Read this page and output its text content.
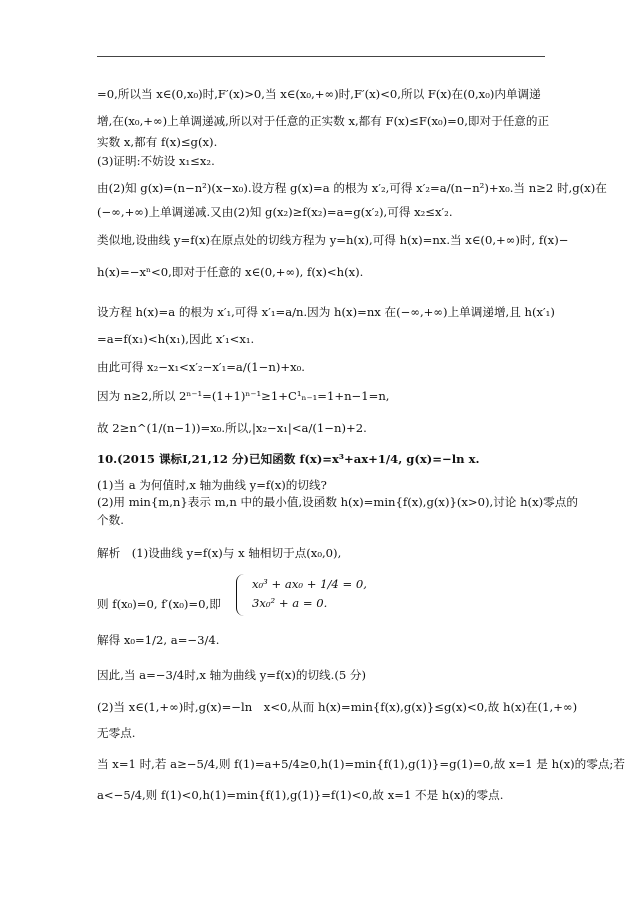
=0,所以当 x∈(0,x₀)时,F′(x)>0,当 x∈(x₀,+∞)时,F′(x)<0,所以 F(x)在(0,x₀)内单调递
增,在(x₀,+∞)上单调递减,所以对于任意的正实数 x,都有 F(x)≤F(x₀)=0,即对于任意的正
实数 x,都有 f(x)≤g(x).
(3)证明:不妨设 x₁≤x₂.
由(2)知 g(x)=(n−n²)(x−x₀).设方程 g(x)=a 的根为 x′₂,可得 x′₂=a/(n−n²)+x₀.当 n≥2 时,g(x)在
(−∞,+∞)上单调递减.又由(2)知 g(x₂)≥f(x₂)=a=g(x′₂),可得 x₂≤x′₂.
类似地,设曲线 y=f(x)在原点处的切线方程为 y=h(x),可得 h(x)=nx.当 x∈(0,+∞)时, f(x)−
h(x)=−xⁿ<0,即对于任意的 x∈(0,+∞), f(x)<h(x).
设方程 h(x)=a 的根为 x′₁,可得 x′₁=a/n.因为 h(x)=nx 在(−∞,+∞)上单调递增,且 h(x′₁)
=a=f(x₁)<h(x₁),因此 x′₁<x₁.
由此可得 x₂−x₁<x′₂−x′₁=a/(1−n)+x₀.
因为 n≥2,所以 2ⁿ⁻¹=(1+1)ⁿ⁻¹≥1+C¹ₙ₋₁=1+n−1=n,
故 2≥n^(1/(n−1))=x₀.所以,|x₂−x₁|<a/(1−n)+2.
10.(2015 课标Ⅰ,21,12 分)已知函数 f(x)=x³+ax+1/4, g(x)=−ln x.
(1)当 a 为何值时,x 轴为曲线 y=f(x)的切线?
(2)用 min{m,n}表示 m,n 中的最小值,设函数 h(x)=min{f(x),g(x)}(x>0),讨论 h(x)零点的
个数.
解析　(1)设曲线 y=f(x)与 x 轴相切于点(x₀,0),
则 f(x₀)=0, f′(x₀)=0,即
x₀³ + ax₀ + 1/4 = 0,
3x₀² + a = 0.
解得 x₀=1/2, a=−3/4.
因此,当 a=−3/4时,x 轴为曲线 y=f(x)的切线.(5 分)
(2)当 x∈(1,+∞)时,g(x)=−ln　x<0,从而 h(x)=min{f(x),g(x)}≤g(x)<0,故 h(x)在(1,+∞)
无零点.
当 x=1 时,若 a≥−5/4,则 f(1)=a+5/4≥0,h(1)=min{f(1),g(1)}=g(1)=0,故 x=1 是 h(x)的零点;若
a<−5/4,则 f(1)<0,h(1)=min{f(1),g(1)}=f(1)<0,故 x=1 不是 h(x)的零点.
